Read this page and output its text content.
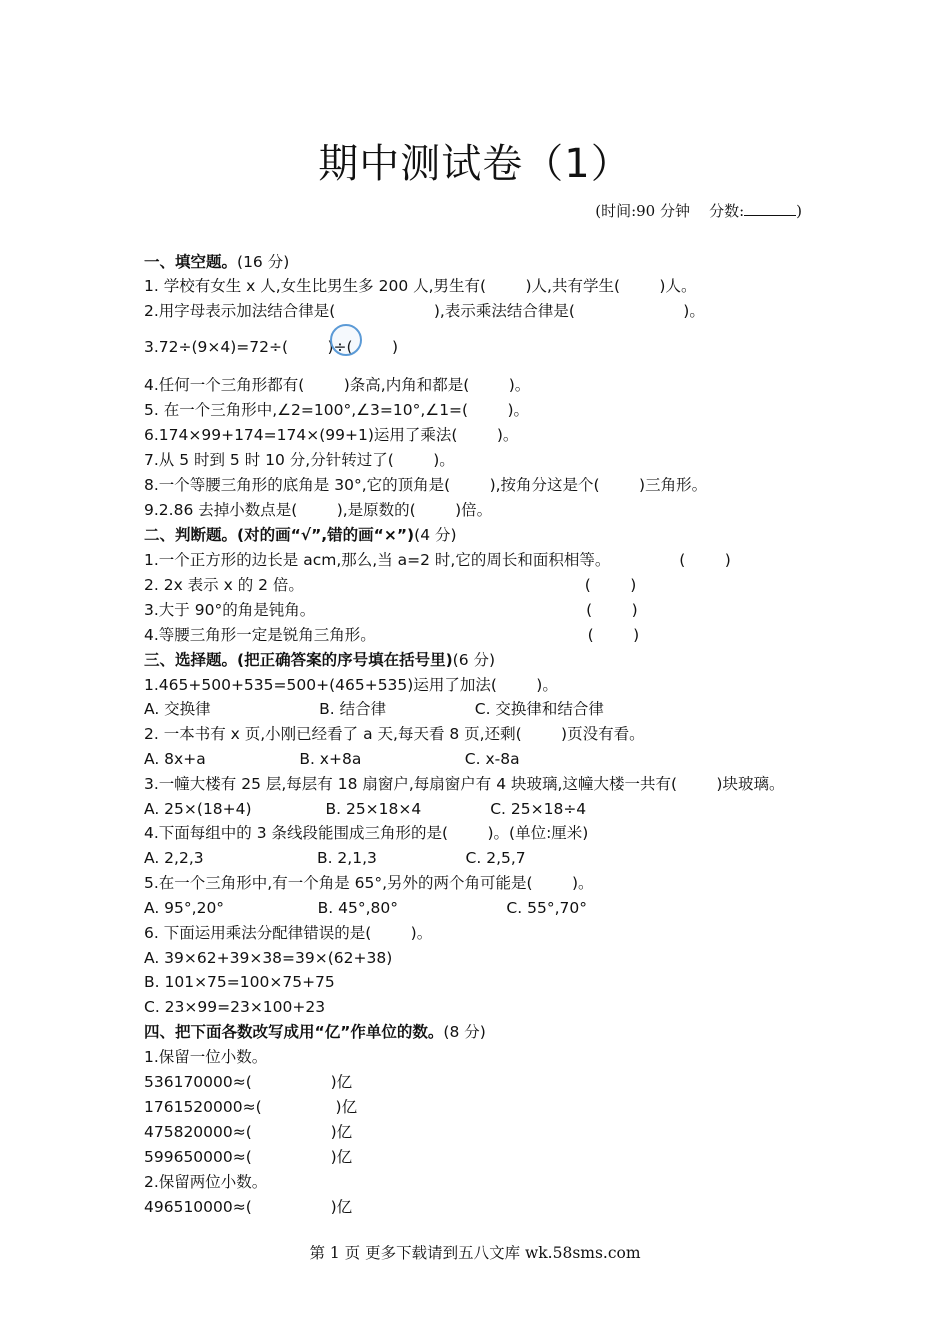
期中测试卷（1）
(时间:90 分钟 分数:	)
一、填空题。(16 分)
1. 学校有女生 x 人,女生比男生多 200 人,男生有(        )人,共有学生(        )人。
2.用字母表示加法结合律是(                    ),表示乘法结合律是(                      )。
3.72÷(9×4)=72÷(        )÷(        )
4.任何一个三角形都有(        )条高,内角和都是(        )。
5. 在一个三角形中,∠2=100°,∠3=10°,∠1=(        )。
6.174×99+174=174×(99+1)运用了乘法(        )。
7.从 5 时到 5 时 10 分,分针转过了(        )。
8.一个等腰三角形的底角是 30°,它的顶角是(        ),按角分这是个(        )三角形。
9.2.86 去掉小数点是(        ),是原数的(        )倍。
二、判断题。(对的画“√”,错的画“×”)(4 分)
1.一个正方形的边长是 acm,那么,当 a=2 时,它的周长和面积相等。              (        )
2. 2x 表示 x 的 2 倍。                                                         (        )
3.大于 90°的角是钝角。                                                       (        )
4.等腰三角形一定是锐角三角形。                                           (        )
三、选择题。(把正确答案的序号填在括号里)(6 分)
1.465+500+535=500+(465+535)运用了加法(        )。
A. 交换律                      B. 结合律                  C. 交换律和结合律
2. 一本书有 x 页,小刚已经看了 a 天,每天看 8 页,还剩(        )页没有看。
A. 8x+a                   B. x+8a                     C. x-8a
3.一幢大楼有 25 层,每层有 18 扇窗户,每扇窗户有 4 块玻璃,这幢大楼一共有(        )块玻璃。
A. 25×(18+4)               B. 25×18×4              C. 25×18÷4
4.下面每组中的 3 条线段能围成三角形的是(        )。(单位:厘米)
A. 2,2,3                       B. 2,1,3                  C. 2,5,7
5.在一个三角形中,有一个角是 65°,另外的两个角可能是(        )。
A. 95°,20°                   B. 45°,80°                      C. 55°,70°
6. 下面运用乘法分配律错误的是(        )。
A. 39×62+39×38=39×(62+38)
B. 101×75=100×75+75
C. 23×99=23×100+23
四、把下面各数改写成用“亿”作单位的数。(8 分)
1.保留一位小数。
536170000≈(                )亿
1761520000≈(               )亿
475820000≈(                )亿
599650000≈(                )亿
2.保留两位小数。
496510000≈(                )亿
第 1 页 更多下载请到五八文库 wk.58sms.com
